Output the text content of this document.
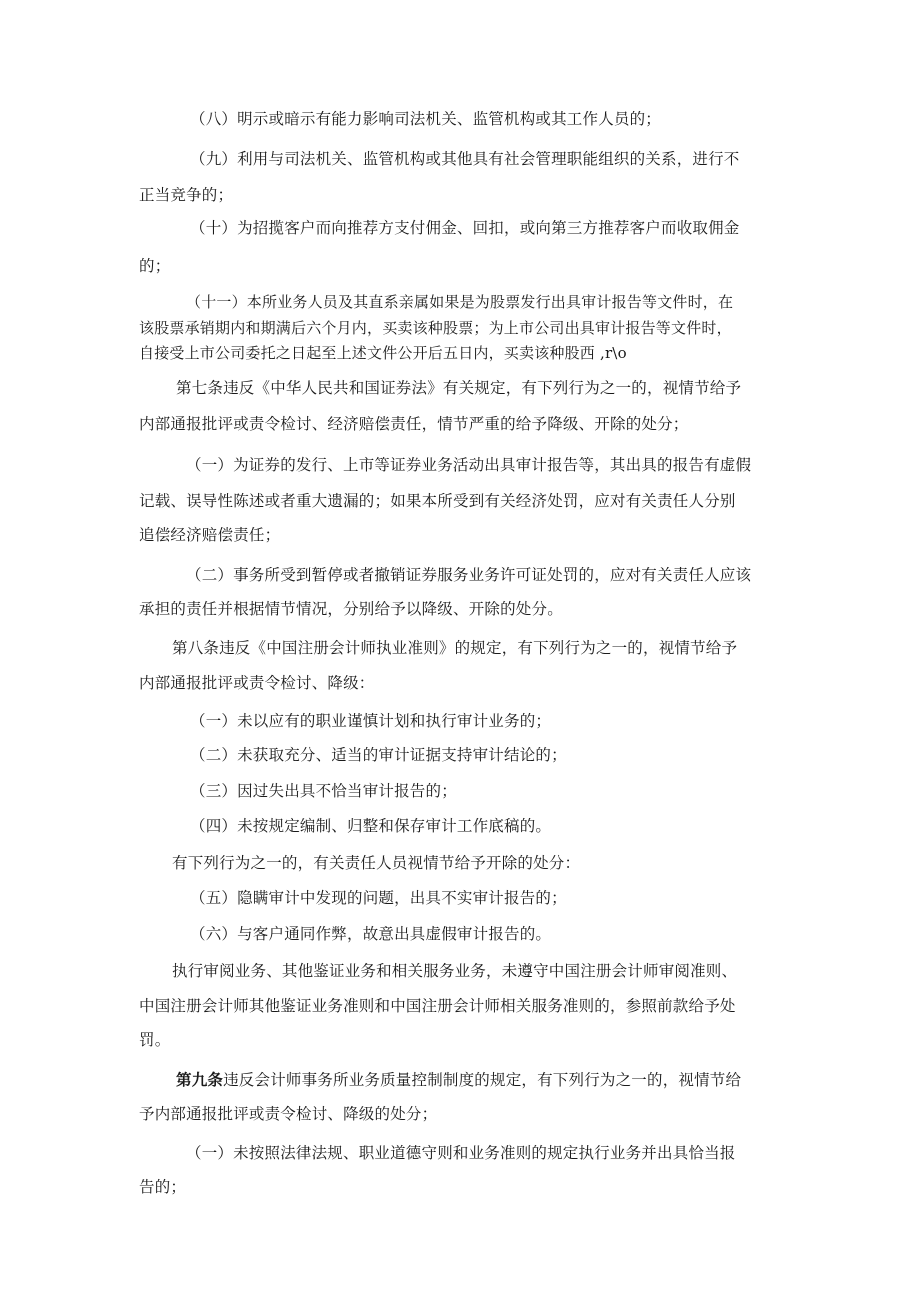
（八）明示或暗示有能力影响司法机关、监管机构或其工作人员的；
（九）利用与司法机关、监管机构或其他具有社会管理职能组织的关系，进行不
正当竞争的；
（十）为招揽客户而向推荐方支付佣金、回扣，或向第三方推荐客户而收取佣金
的；
（十一）本所业务人员及其直系亲属如果是为股票发行出具审计报告等文件时，在
该股票承销期内和期满后六个月内，买卖该种股票；为上市公司出具审计报告等文件时，
自接受上市公司委托之日起至上述文件公开后五日内，买卖该种股西 ,r\o
第七条违反《中华人民共和国证券法》有关规定，有下列行为之一的，视情节给予
内部通报批评或责令检讨、经济赔偿责任，情节严重的给予降级、开除的处分；
（一）为证券的发行、上市等证券业务活动出具审计报告等，其出具的报告有虚假
记载、误导性陈述或者重大遗漏的；如果本所受到有关经济处罚，应对有关责任人分别
追偿经济赔偿责任；
（二）事务所受到暂停或者撤销证券服务业务许可证处罚的，应对有关责任人应该
承担的责任并根据情节情况，分别给予以降级、开除的处分。
第八条违反《中国注册会计师执业准则》的规定，有下列行为之一的，视情节给予
内部通报批评或责令检讨、降级：
（一）未以应有的职业谨慎计划和执行审计业务的；
（二）未获取充分、适当的审计证据支持审计结论的；
（三）因过失出具不恰当审计报告的；
（四）未按规定编制、归整和保存审计工作底稿的。
有下列行为之一的，有关责任人员视情节给予开除的处分：
（五）隐瞒审计中发现的问题，出具不实审计报告的；
（六）与客户通同作弊，故意出具虚假审计报告的。
执行审阅业务、其他鉴证业务和相关服务业务，未遵守中国注册会计师审阅准则、
中国注册会计师其他鉴证业务准则和中国注册会计师相关服务准则的，参照前款给予处
罚。
第九条违反会计师事务所业务质量控制制度的规定，有下列行为之一的，视情节给
予内部通报批评或责令检讨、降级的处分；
（一）未按照法律法规、职业道德守则和业务准则的规定执行业务并出具恰当报
告的；
